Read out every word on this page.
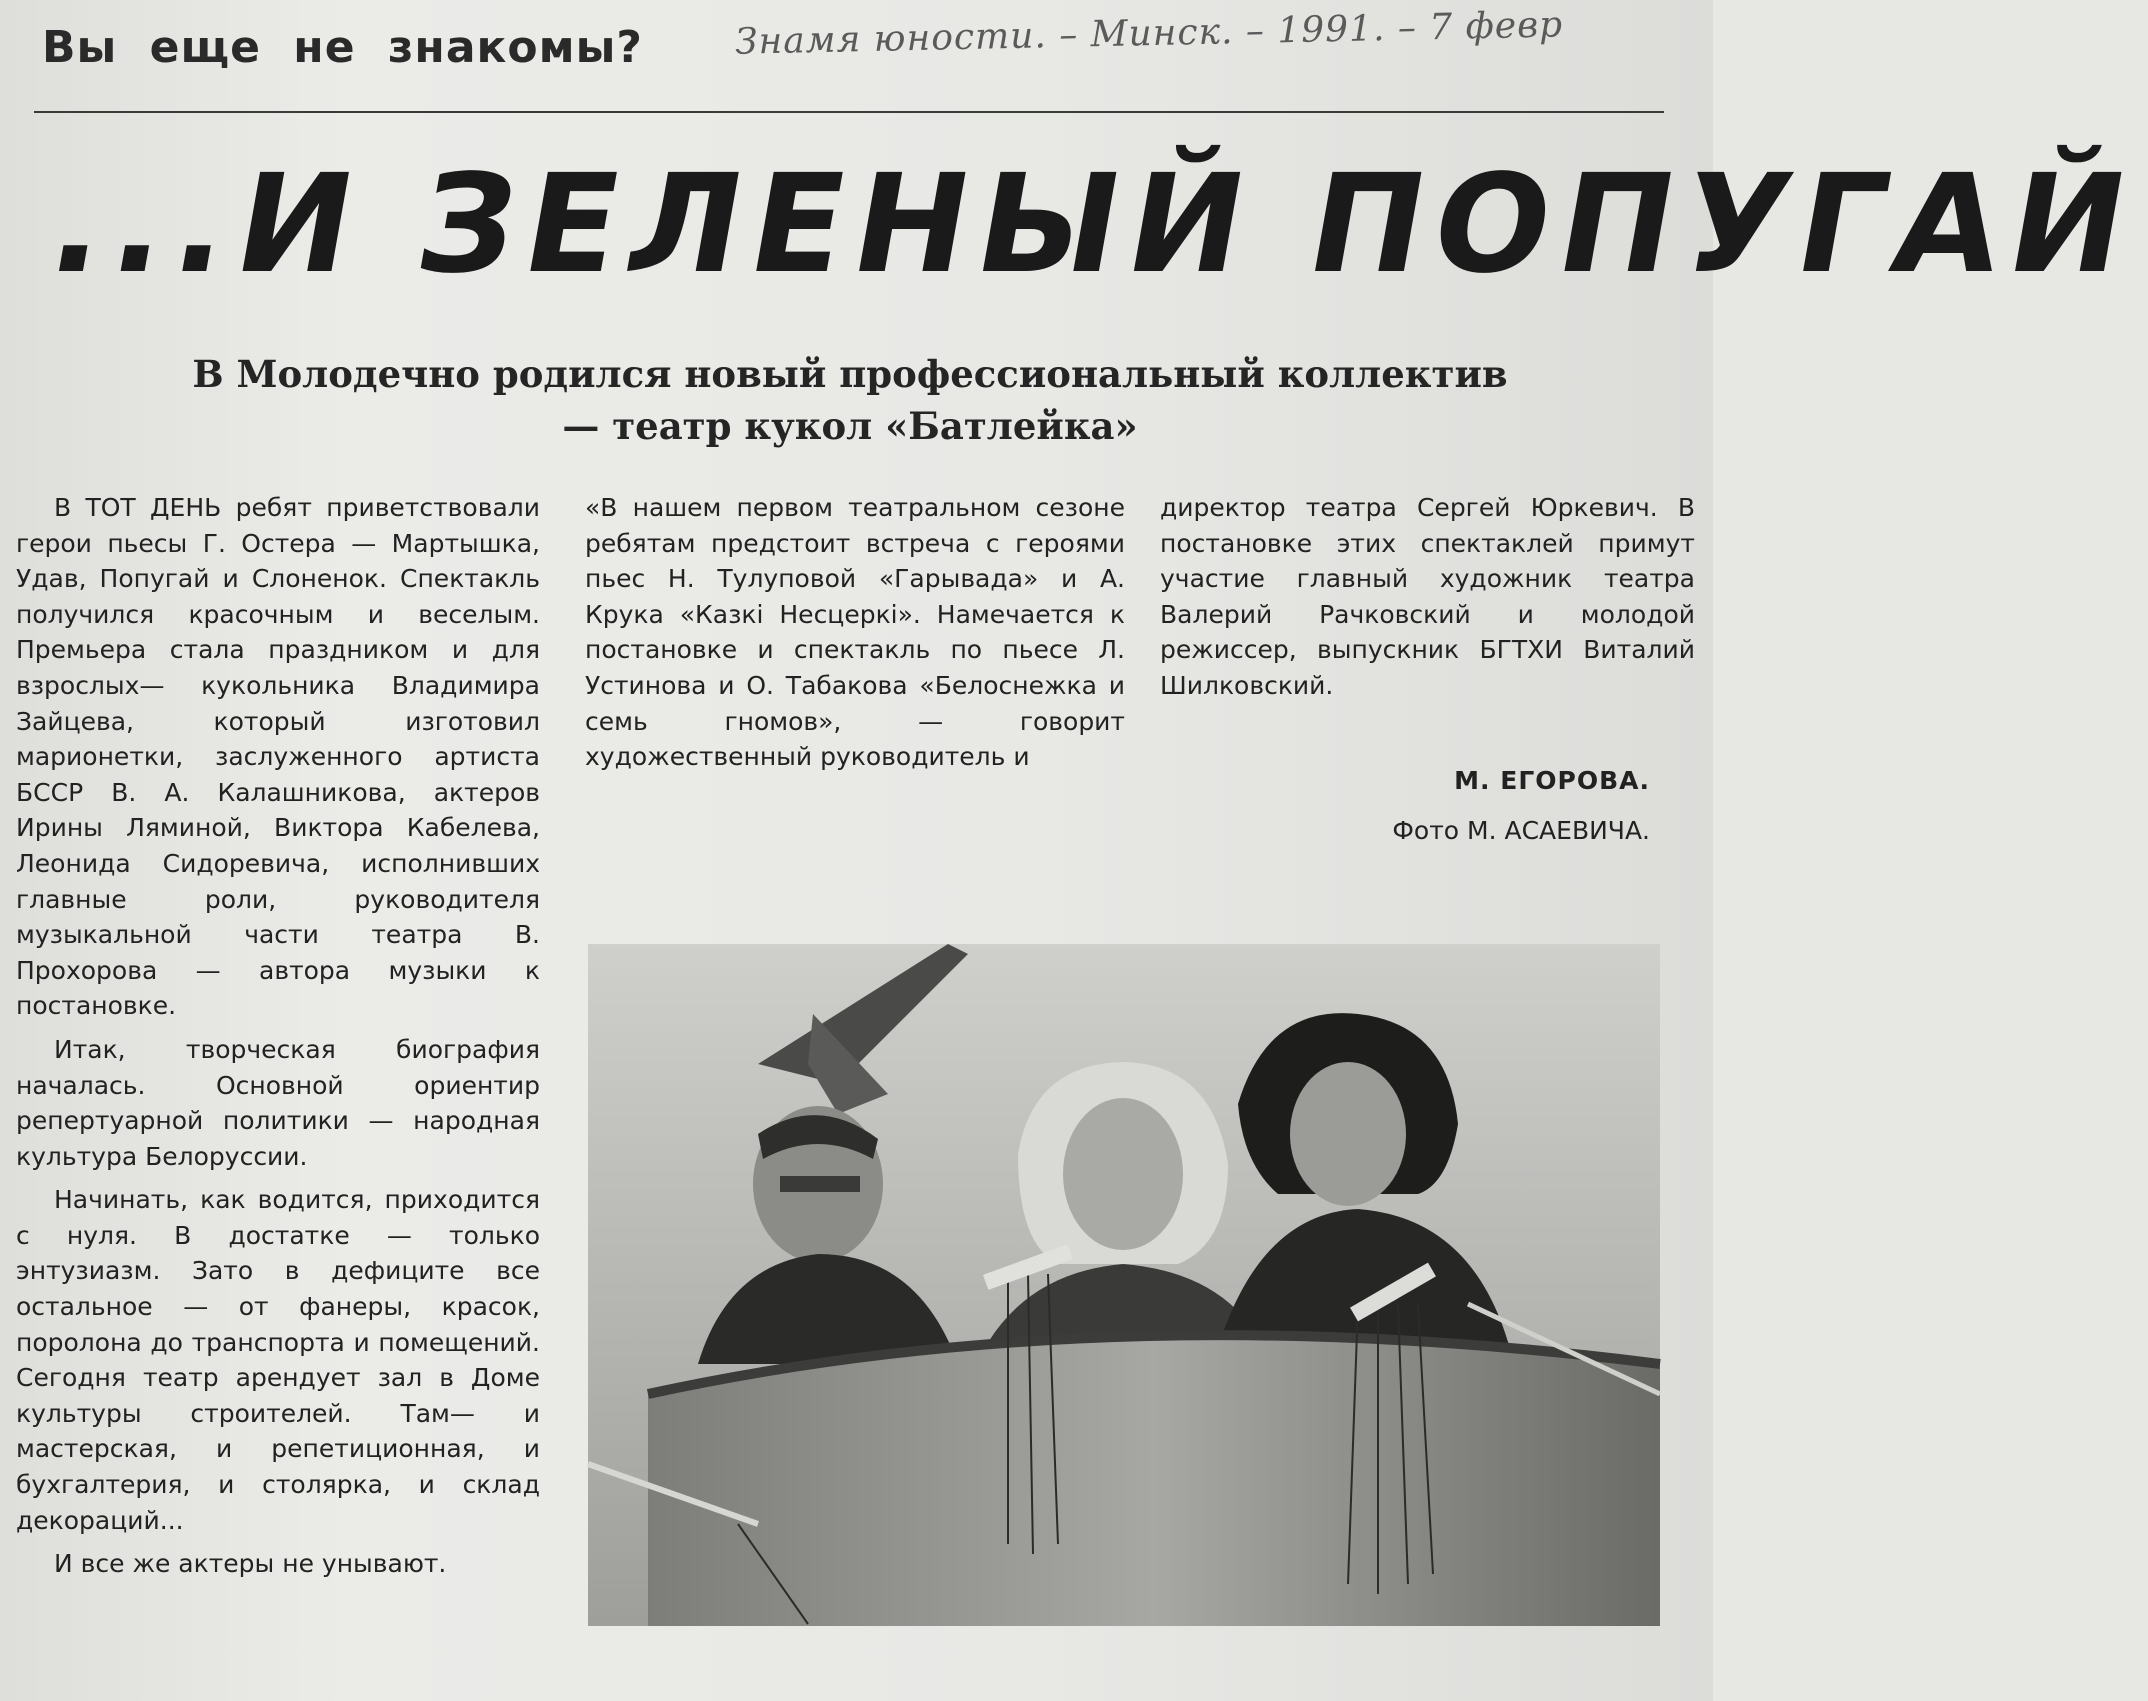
Вы еще не знакомы?	Знамя юности. – Минск. – 1991. – 7 февр
...И ЗЕЛЕНЫЙ ПОПУГАЙ
В Молодечно родился новый профессиональный коллектив
— театр кукол «Батлейка»

В ТОТ ДЕНЬ ребят приветствовали герои пьесы Г. Остера — Мартышка, Удав, Попугай и Слоненок. Спектакль получился красочным и веселым. Премьера стала праздником и для взрослых— кукольника Владимира Зайцева, который изготовил марионетки, заслуженного артиста БССР В. А. Калашникова, актеров Ирины Ляминой, Виктора Кабелева, Леонида Сидоревича, исполнивших главные роли, руководителя музыкальной части театра В. Прохорова — автора музыки к постановке.

Итак, творческая биография началась. Основной ориентир репертуарной политики — народная культура Белоруссии.

Начинать, как водится, приходится с нуля. В достатке — только энтузиазм. Зато в дефиците все остальное — от фанеры, красок, поролона до транспорта и помещений. Сегодня театр арендует зал в Доме культуры строителей. Там— и мастерская, и репетиционная, и бухгалтерия, и столярка, и склад декораций...

И все же актеры не унывают.

«В нашем первом театральном сезоне ребятам предстоит встреча с героями пьес Н. Тулуповой «Гарывада» и А. Крука «Казкі Несцеркі». Намечается к постановке и спектакль по пьесе Л. Устинова и О. Табакова «Белоснежка и семь гномов», — говорит художественный руководитель и

директор театра Сергей Юркевич. В постановке этих спектаклей примут участие главный художник театра Валерий Рачковский и молодой режиссер, выпускник БГТХИ Виталий Шилковский.

М. ЕГОРОВА.
Фото М. АСАЕВИЧА.
